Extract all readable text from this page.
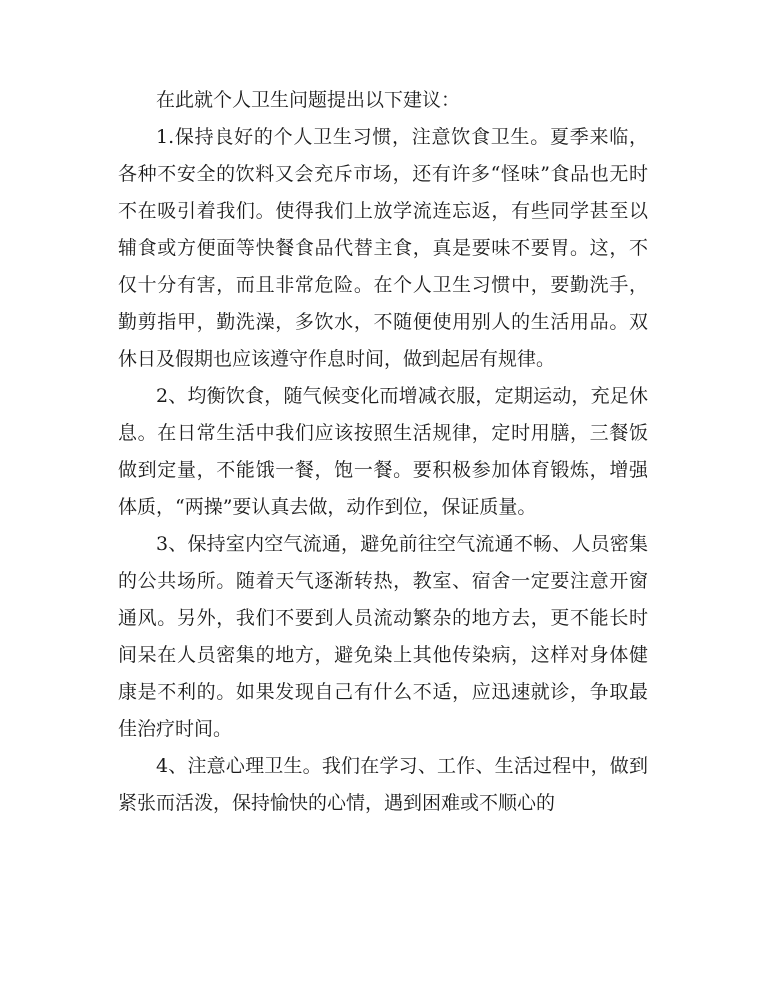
在此就个人卫生问题提出以下建议：

1.保持良好的个人卫生习惯，注意饮食卫生。夏季来临，各种不安全的饮料又会充斥市场，还有许多“怪味”食品也无时不在吸引着我们。使得我们上放学流连忘返，有些同学甚至以辅食或方便面等快餐食品代替主食，真是要味不要胃。这，不仅十分有害，而且非常危险。在个人卫生习惯中，要勤洗手，勤剪指甲，勤洗澡，多饮水，不随便使用别人的生活用品。双休日及假期也应该遵守作息时间，做到起居有规律。

2、均衡饮食，随气候变化而增减衣服，定期运动，充足休息。在日常生活中我们应该按照生活规律，定时用膳，三餐饭做到定量，不能饿一餐，饱一餐。要积极参加体育锻炼，增强体质，“两操”要认真去做，动作到位，保证质量。

3、保持室内空气流通，避免前往空气流通不畅、人员密集的公共场所。随着天气逐渐转热，教室、宿舍一定要注意开窗通风。另外，我们不要到人员流动繁杂的地方去，更不能长时间呆在人员密集的地方，避免染上其他传染病，这样对身体健康是不利的。如果发现自己有什么不适，应迅速就诊，争取最佳治疗时间。

4、注意心理卫生。我们在学习、工作、生活过程中，做到紧张而活泼，保持愉快的心情，遇到困难或不顺心的
